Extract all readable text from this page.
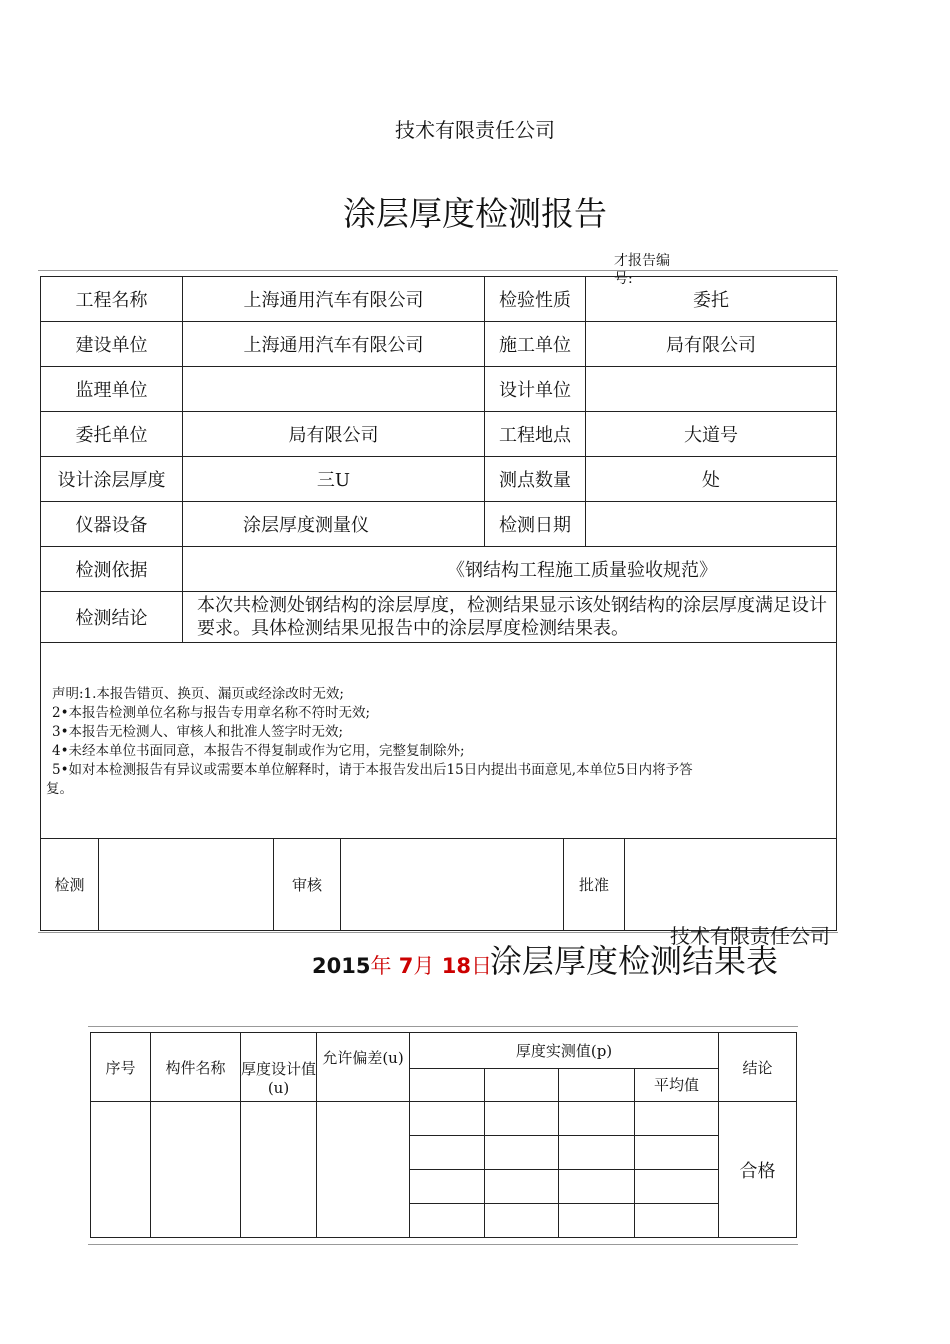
技术有限责任公司
涂层厚度检测报告
才报告编号:
工程名称	上海通用汽车有限公司	检验性质	委托
建设单位	上海通用汽车有限公司	施工单位	局有限公司
监理单位		设计单位	
委托单位	局有限公司	工程地点	大道号
设计涂层厚度	三U	测点数量	处
仪器设备	涂层厚度测量仪	检测日期	
检测依据	《钢结构工程施工质量验收规范》		
检测结论	本次共检测处钢结构的涂层厚度，检测结果显示该处钢结构的涂层厚度满足设计要求。具体检测结果见报告中的涂层厚度检测结果表。		
声明:1.本报告错页、换页、漏页或经涂改时无效;
2•本报告检测单位名称与报告专用章名称不符时无效;
3•本报告无检测人、审核人和批准人签字时无效;
4•未经本单位书面同意，本报告不得复制或作为它用，完整复制除外;
5•如对本检测报告有异议或需要本单位解释时，请于本报告发出后15日内提出书面意见,本单位5日内将予答
复。
检测		审核		批准	
技术有限责任公司
2015年 7月 18日
涂层厚度检测结果表
序号	构件名称	厚度设计值(u)	允许偏差(u)	厚度实测值(p)				结论
							平均值	
								合格
